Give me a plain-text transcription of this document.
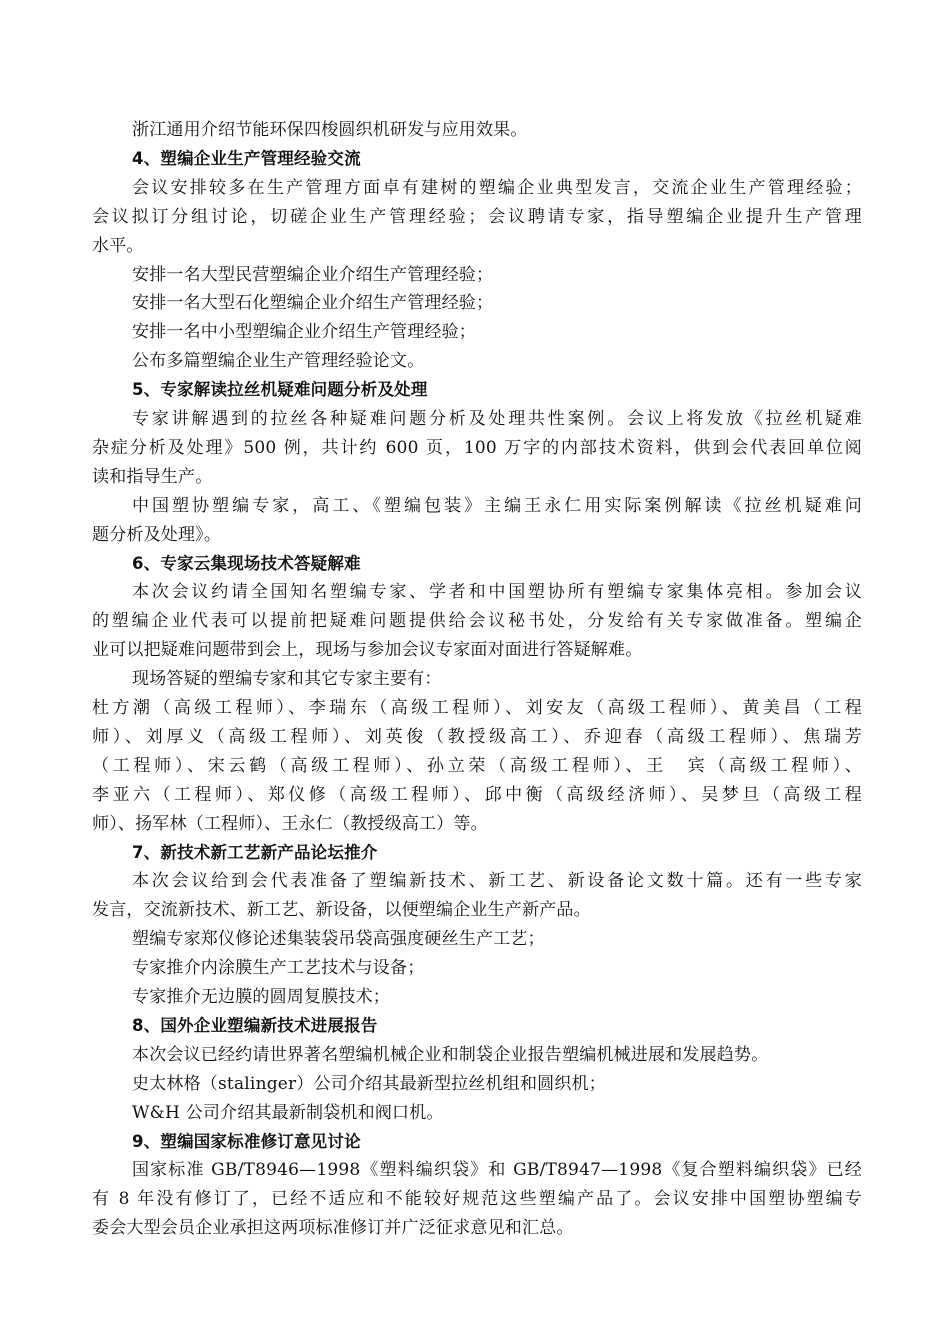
浙江通用介绍节能环保四梭圆织机研发与应用效果。
4、塑编企业生产管理经验交流
会议安排较多在生产管理方面卓有建树的塑编企业典型发言，交流企业生产管理经验；
会议拟订分组讨论，切磋企业生产管理经验；会议聘请专家，指导塑编企业提升生产管理
水平。
安排一名大型民营塑编企业介绍生产管理经验；
安排一名大型石化塑编企业介绍生产管理经验；
安排一名中小型塑编企业介绍生产管理经验；
公布多篇塑编企业生产管理经验论文。
5、专家解读拉丝机疑难问题分析及处理
专家讲解遇到的拉丝各种疑难问题分析及处理共性案例。会议上将发放《拉丝机疑难
杂症分析及处理》500 例，共计约 600 页，100 万字的内部技术资料，供到会代表回单位阅
读和指导生产。
中国塑协塑编专家，高工、《塑编包装》主编王永仁用实际案例解读《拉丝机疑难问
题分析及处理》。
6、专家云集现场技术答疑解难
本次会议约请全国知名塑编专家、学者和中国塑协所有塑编专家集体亮相。参加会议
的塑编企业代表可以提前把疑难问题提供给会议秘书处，分发给有关专家做准备。塑编企
业可以把疑难问题带到会上，现场与参加会议专家面对面进行答疑解难。
现场答疑的塑编专家和其它专家主要有：
杜方潮（高级工程师）、李瑞东（高级工程师）、刘安友（高级工程师）、黄美昌（工程
师）、刘厚义（高级工程师）、刘英俊（教授级高工）、乔迎春（高级工程师）、焦瑞芳
（工程师）、宋云鹤（高级工程师）、孙立荣（高级工程师）、王　宾（高级工程师）、
李亚六（工程师）、郑仪修（高级工程师）、邱中衡（高级经济师）、吴梦旦（高级工程
师）、扬军林（工程师）、王永仁（教授级高工）等。
7、新技术新工艺新产品论坛推介
本次会议给到会代表准备了塑编新技术、新工艺、新设备论文数十篇。还有一些专家
发言，交流新技术、新工艺、新设备，以便塑编企业生产新产品。
塑编专家郑仪修论述集装袋吊袋高强度硬丝生产工艺；
专家推介内涂膜生产工艺技术与设备；
专家推介无边膜的圆周复膜技术；
8、国外企业塑编新技术进展报告
本次会议已经约请世界著名塑编机械企业和制袋企业报告塑编机械进展和发展趋势。
史太林格（stalinger）公司介绍其最新型拉丝机组和圆织机；
W&H 公司介绍其最新制袋机和阀口机。
9、塑编国家标准修订意见讨论
国家标准 GB/T8946—1998《塑料编织袋》和 GB/T8947—1998《复合塑料编织袋》已经
有 8 年没有修订了，已经不适应和不能较好规范这些塑编产品了。会议安排中国塑协塑编专
委会大型会员企业承担这两项标准修订并广泛征求意见和汇总。
